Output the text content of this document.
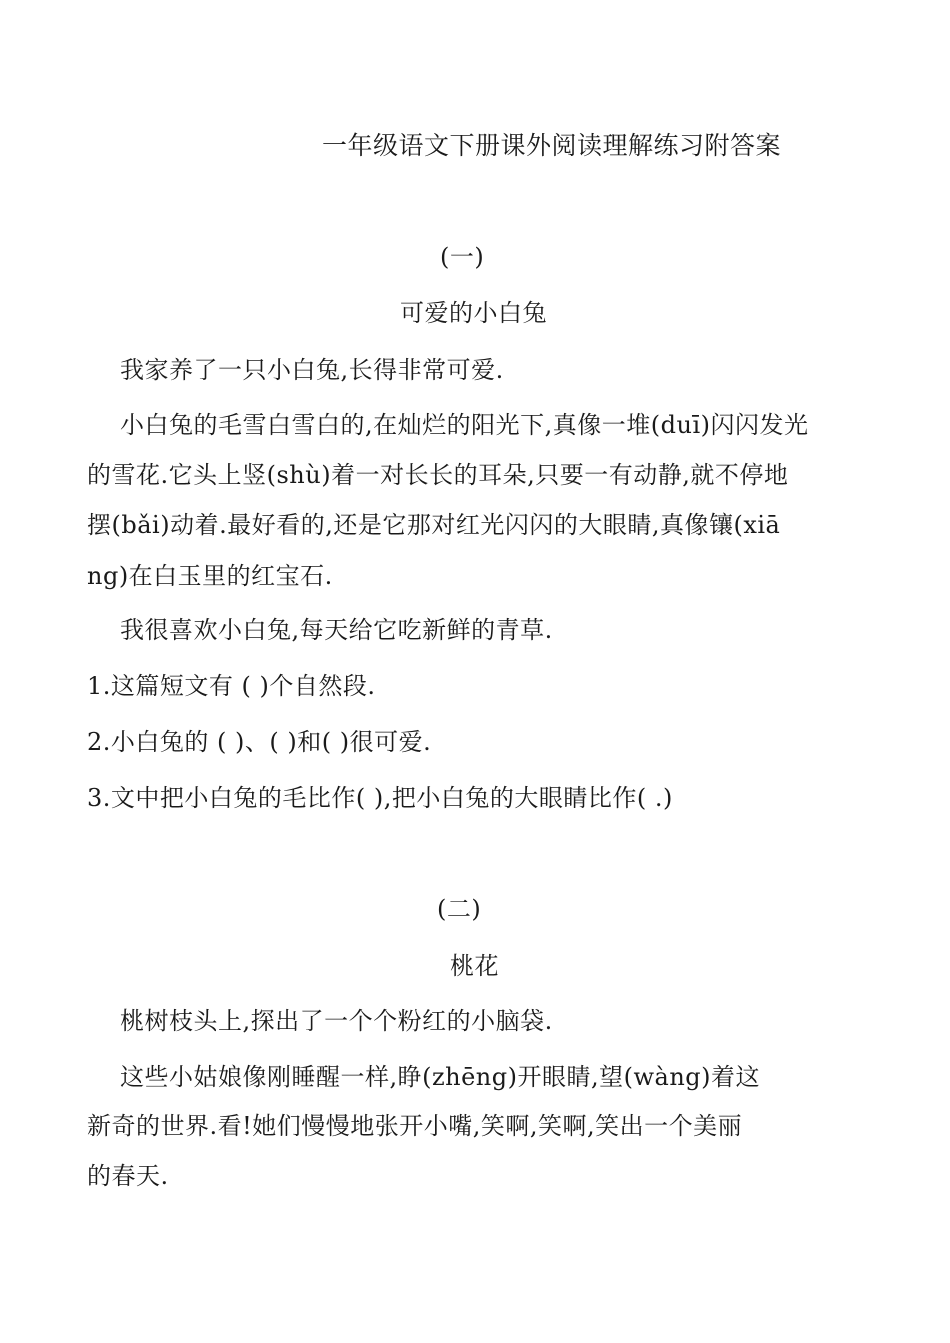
一年级语文下册课外阅读理解练习附答案
(一)
可爱的小白兔
我家养了一只小白兔,长得非常可爱.
小白兔的毛雪白雪白的,在灿烂的阳光下,真像一堆(duī)闪闪发光
的雪花.它头上竖(shù)着一对长长的耳朵,只要一有动静,就不停地
摆(bǎi)动着.最好看的,还是它那对红光闪闪的大眼睛,真像镶(xiā
ng)在白玉里的红宝石.
我很喜欢小白兔,每天给它吃新鲜的青草.
1.这篇短文有 ( )个自然段.
2.小白兔的 ( )、( )和( )很可爱.
3.文中把小白兔的毛比作( ),把小白兔的大眼睛比作( .)
(二)
桃花
桃树枝头上,探出了一个个粉红的小脑袋.
这些小姑娘像刚睡醒一样,睁(zhēng)开眼睛,望(wàng)着这
新奇的世界.看!她们慢慢地张开小嘴,笑啊,笑啊,笑出一个美丽
的春天.
